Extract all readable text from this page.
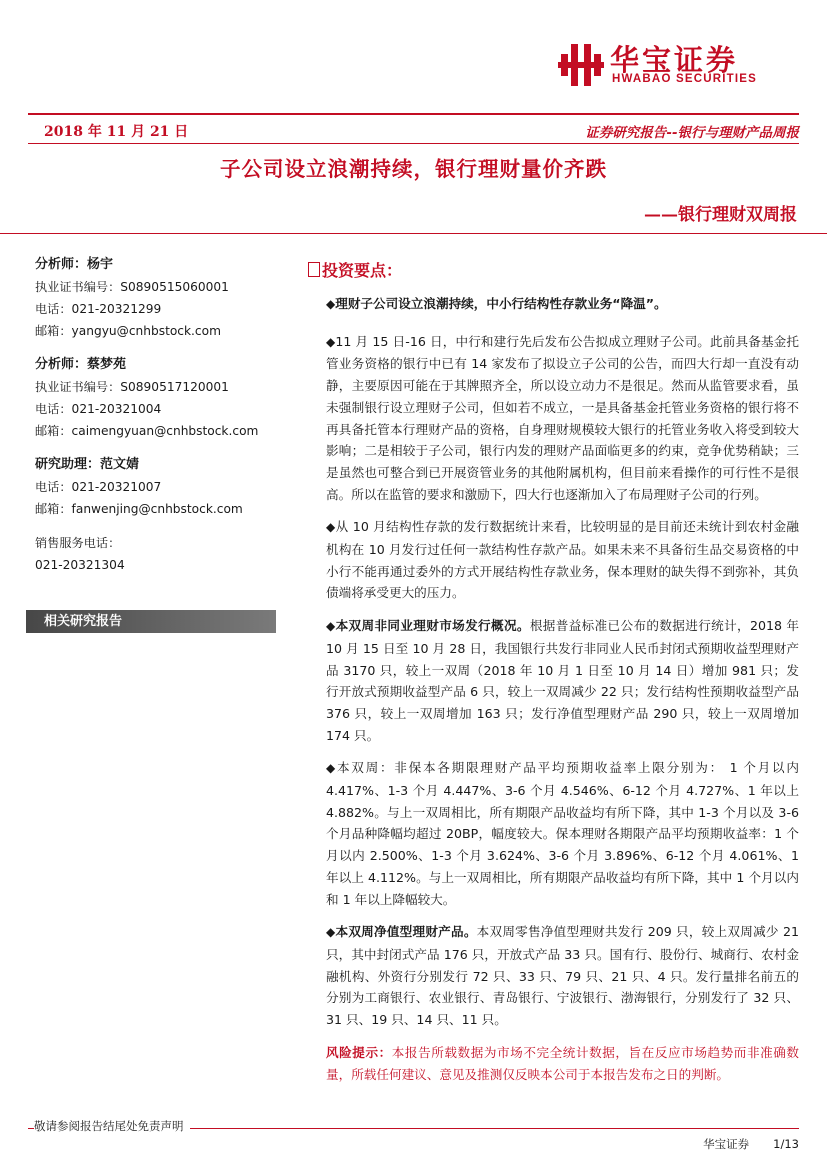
华宝证券
HWABAO SECURITIES
2018 年 11 月 21 日	证券研究报告--银行与理财产品周报
子公司设立浪潮持续，银行理财量价齐跌
——银行理财双周报
分析师：杨宇
执业证书编号：S0890515060001
电话：021-20321299
邮箱：yangyu@cnhbstock.com
分析师：蔡梦苑
执业证书编号：S0890517120001
电话：021-20321004
邮箱：caimengyuan@cnhbstock.com
研究助理：范文婧
电话：021-20321007
邮箱：fanwenjing@cnhbstock.com
销售服务电话：
021-20321304
相关研究报告
投资要点：
◆理财子公司设立浪潮持续，中小行结构性存款业务“降温”。
◆11 月 15 日-16 日，中行和建行先后发布公告拟成立理财子公司。此前具备基金托管业务资格的银行中已有 14 家发布了拟设立子公司的公告，而四大行却一直没有动静，主要原因可能在于其牌照齐全，所以设立动力不是很足。然而从监管要求看，虽未强制银行设立理财子公司，但如若不成立，一是具备基金托管业务资格的银行将不再具备托管本行理财产品的资格，自身理财规模较大银行的托管业务收入将受到较大影响；二是相较于子公司，银行内发的理财产品面临更多的约束，竞争优势稍缺；三是虽然也可整合到已开展资管业务的其他附属机构，但目前来看操作的可行性不是很高。所以在监管的要求和激励下，四大行也逐渐加入了布局理财子公司的行列。
◆从 10 月结构性存款的发行数据统计来看，比较明显的是目前还未统计到农村金融机构在 10 月发行过任何一款结构性存款产品。如果未来不具备衍生品交易资格的中小行不能再通过委外的方式开展结构性存款业务，保本理财的缺失得不到弥补，其负债端将承受更大的压力。
◆本双周非同业理财市场发行概况。根据普益标准已公布的数据进行统计，2018 年 10 月 15 日至 10 月 28 日，我国银行共发行非同业人民币封闭式预期收益型理财产品 3170 只，较上一双周（2018 年 10 月 1 日至 10 月 14 日）增加 981 只；发行开放式预期收益型产品 6 只，较上一双周减少 22 只；发行结构性预期收益型产品 376 只，较上一双周增加 163 只；发行净值型理财产品 290 只，较上一双周增加 174 只。
◆本双周：非保本各期限理财产品平均预期收益率上限分别为： 1 个月以内 4.417%、1-3 个月 4.447%、3-6 个月 4.546%、6-12 个月 4.727%、1 年以上 4.882%。与上一双周相比，所有期限产品收益均有所下降，其中 1-3 个月以及 3-6 个月品种降幅均超过 20BP，幅度较大。保本理财各期限产品平均预期收益率：1 个月以内 2.500%、1-3 个月 3.624%、3-6 个月 3.896%、6-12 个月 4.061%、1 年以上 4.112%。与上一双周相比，所有期限产品收益均有所下降，其中 1 个月以内和 1 年以上降幅较大。
◆本双周净值型理财产品。本双周零售净值型理财共发行 209 只，较上双周减少 21 只，其中封闭式产品 176 只，开放式产品 33 只。国有行、股份行、城商行、农村金融机构、外资行分别发行 72 只、33 只、79 只、21 只、4 只。发行量排名前五的分别为工商银行、农业银行、青岛银行、宁波银行、渤海银行，分别发行了 32 只、31 只、19 只、14 只、11 只。
风险提示：本报告所载数据为市场不完全统计数据，旨在反应市场趋势而非准确数量，所载任何建议、意见及推测仅反映本公司于本报告发布之日的判断。
敬请参阅报告结尾处免责声明
华宝证券 1/13
